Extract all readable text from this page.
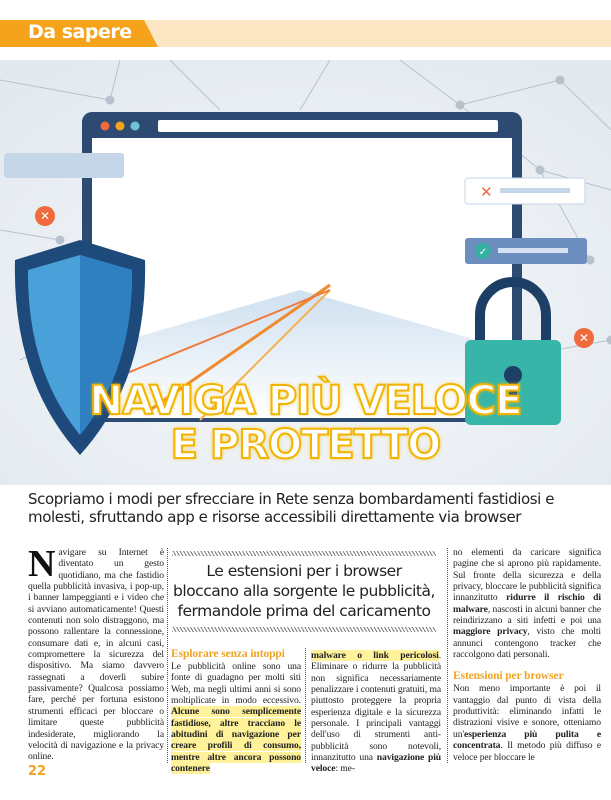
Da sapere
✕
✕
✕
✓
NAVIGA PIÙ VELOCE
E PROTETTO
Scopriamo i modi per sfrecciare in Rete senza bombardamenti fastidiosi e molesti, sfruttando app e risorse accessibili direttamente via browser
Navigare su Internet è diventato un gesto quotidiano, ma che fastidio quella pubblicità invasiva, i pop-up, i banner lampeggianti e i video che si avviano automaticamente! Questi contenuti non solo distraggono, ma possono rallentare la connessione, consumare dati e, in alcuni casi, compromettere la sicurezza del dispositivo. Ma siamo davvero rassegnati a doverli subire passivamente? Qualcosa possiamo fare, perché per fortuna esistono strumenti efficaci per bloccare o limitare queste pubblicità indesiderate, migliorando la velocità di navigazione e la privacy online.
Le estensioni per i browser bloccano alla sorgente le pubblicità, fermandole prima del caricamento
Esplorare senza intoppi
Le pubblicità online sono una fonte di guadagno per molti siti Web, ma negli ultimi anni si sono moltiplicate in modo eccessivo. Alcune sono semplicemente fastidiose, altre tracciano le abitudini di navigazione per creare profili di consumo, mentre altre ancora possono contenere
malware o link pericolosi. Eliminare o ridurre la pubblicità non significa necessariamente penalizzare i contenuti gratuiti, ma piuttosto proteggere la propria esperienza digitale e la sicurezza personale. I principali vantaggi dell'uso di strumenti anti-pubblicità sono notevoli, innanzitutto una navigazione più veloce: me-
no elementi da caricare significa pagine che si aprono più rapidamente. Sul fronte della sicurezza e della privacy, bloccare le pubblicità significa innanzitutto ridurre il rischio di malware, nascosti in alcuni banner che reindirizzano a siti infetti e poi una maggiore privacy, visto che molti annunci contengono tracker che raccolgono dati personali.
Estensioni per browser
Non meno importante è poi il vantaggio dal punto di vista della produttività: eliminando infatti le distrazioni visive e sonore, otteniamo un'esperienza più pulita e concentrata. Il metodo più diffuso e veloce per bloccare le
22
